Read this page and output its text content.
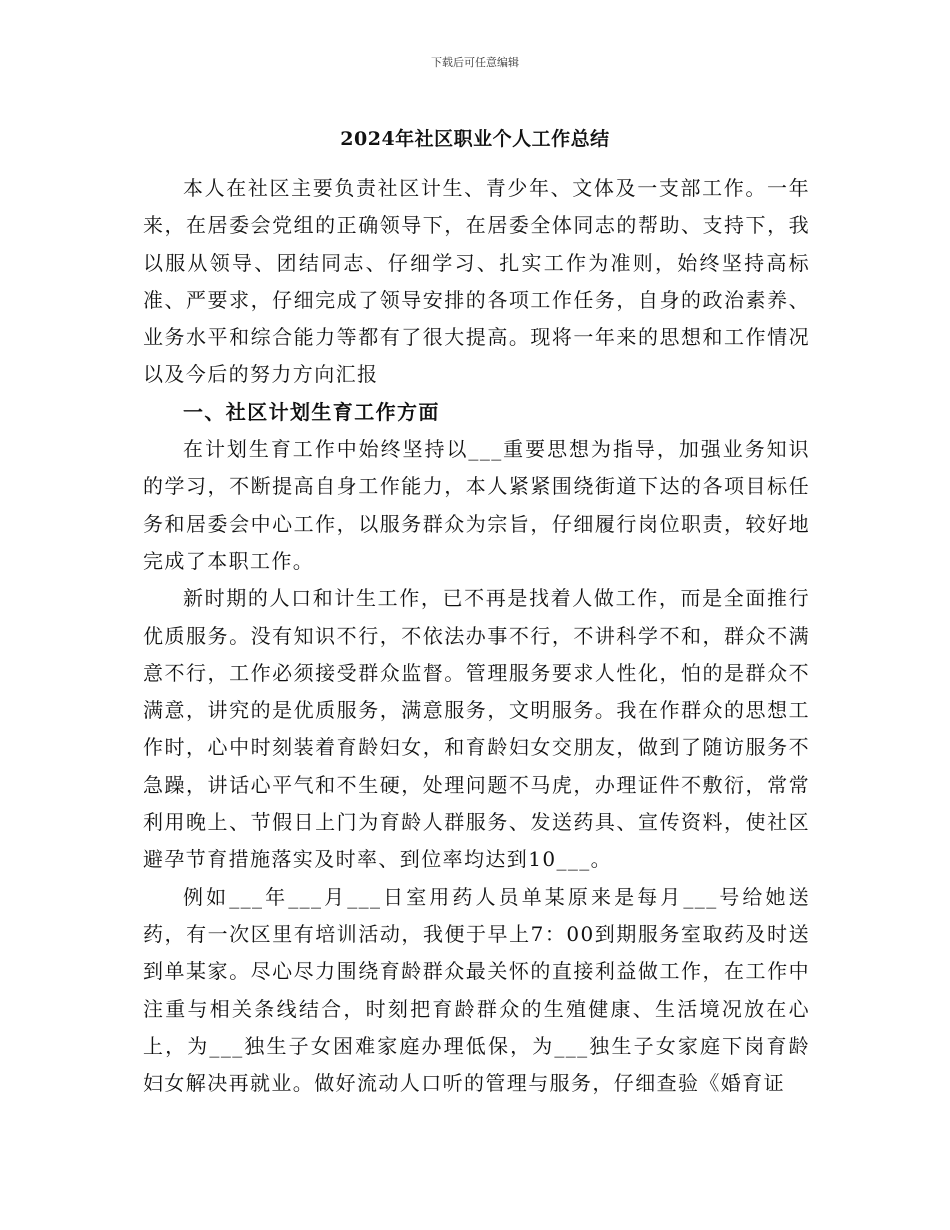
下载后可任意编辑
2024年社区职业个人工作总结

本人在社区主要负责社区计生、青少年、文体及一支部工作。一年来，在居委会党组的正确领导下，在居委全体同志的帮助、支持下，我以服从领导、团结同志、仔细学习、扎实工作为准则，始终坚持高标准、严要求，仔细完成了领导安排的各项工作任务，自身的政治素养、业务水平和综合能力等都有了很大提高。现将一年来的思想和工作情况以及今后的努力方向汇报

一、社区计划生育工作方面

在计划生育工作中始终坚持以___重要思想为指导，加强业务知识的学习，不断提高自身工作能力，本人紧紧围绕街道下达的各项目标任务和居委会中心工作，以服务群众为宗旨，仔细履行岗位职责，较好地完成了本职工作。

新时期的人口和计生工作，已不再是找着人做工作，而是全面推行优质服务。没有知识不行，不依法办事不行，不讲科学不和，群众不满意不行，工作必须接受群众监督。管理服务要求人性化，怕的是群众不满意，讲究的是优质服务，满意服务，文明服务。我在作群众的思想工作时，心中时刻装着育龄妇女，和育龄妇女交朋友，做到了随访服务不急躁，讲话心平气和不生硬，处理问题不马虎，办理证件不敷衍，常常利用晚上、节假日上门为育龄人群服务、发送药具、宣传资料，使社区避孕节育措施落实及时率、到位率均达到10___。

例如___年___月___日室用药人员单某原来是每月___号给她送药，有一次区里有培训活动，我便于早上7：00到期服务室取药及时送到单某家。尽心尽力围绕育龄群众最关怀的直接利益做工作，在工作中注重与相关条线结合，时刻把育龄群众的生殖健康、生活境况放在心上，为___独生子女困难家庭办理低保，为___独生子女家庭下岗育龄妇女解决再就业。做好流动人口听的管理与服务，仔细查验《婚育证
